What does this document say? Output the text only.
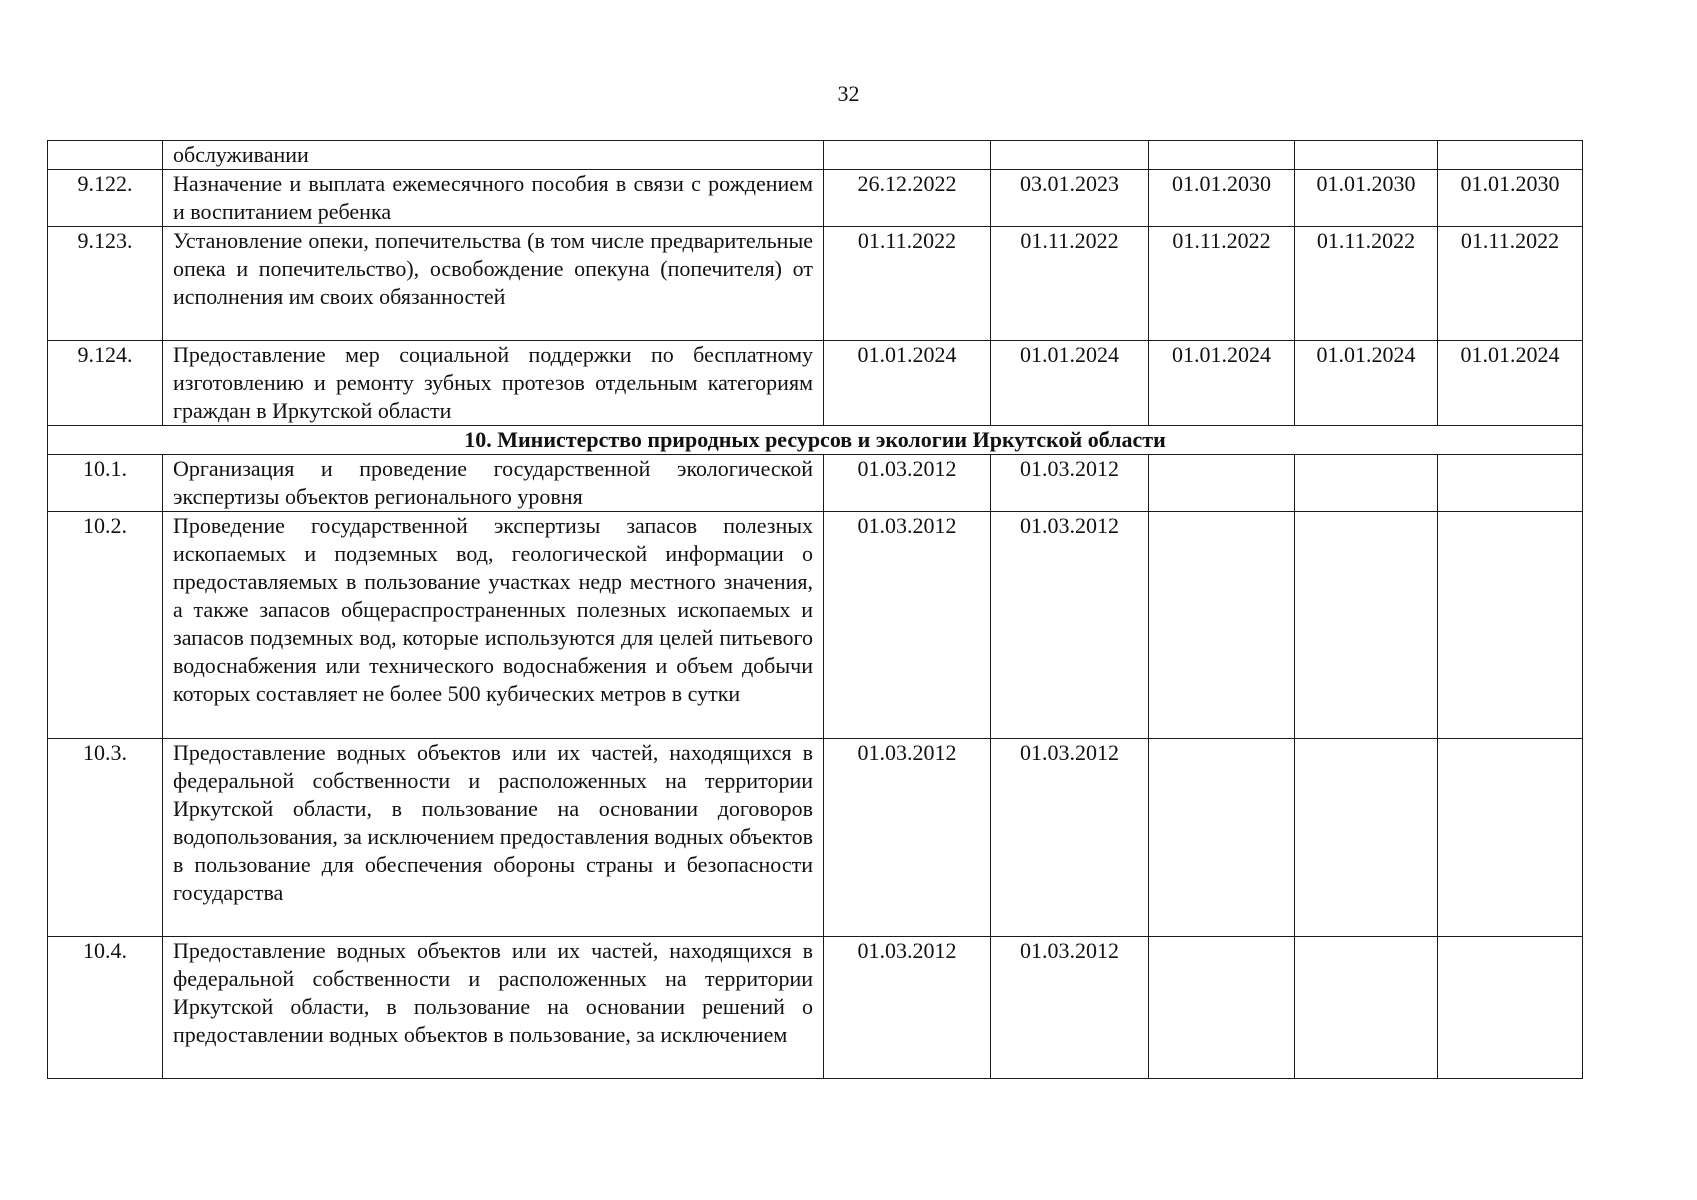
32
	обслуживании					
9.122.	Назначение и выплата ежемесячного пособия в связи с рождением и воспитанием ребенка	26.12.2022	03.01.2023	01.01.2030	01.01.2030	01.01.2030
9.123.	Установление опеки, попечительства (в том числе предварительные опека и попечительство), освобождение опекуна (попечителя) от исполнения им своих обязанностей	01.11.2022	01.11.2022	01.11.2022	01.11.2022	01.11.2022
9.124.	Предоставление мер социальной поддержки по бесплатному изготовлению и ремонту зубных протезов отдельным категориям граждан в Иркутской области	01.01.2024	01.01.2024	01.01.2024	01.01.2024	01.01.2024
10. Министерство природных ресурсов и экологии Иркутской области						
10.1.	Организация и проведение государственной экологической экспертизы объектов регионального уровня	01.03.2012	01.03.2012			
10.2.	Проведение государственной экспертизы запасов полезных ископаемых и подземных вод, геологической информации о предоставляемых в пользование участках недр местного значения, а также запасов общераспространенных полезных ископаемых и запасов подземных вод, которые используются для целей питьевого водоснабжения или технического водоснабжения и объем добычи которых составляет не более 500 кубических метров в сутки	01.03.2012	01.03.2012			
10.3.	Предоставление водных объектов или их частей, находящихся в федеральной собственности и расположенных на территории Иркутской области, в пользование на основании договоров водопользования, за исключением предоставления водных объектов в пользование для обеспечения обороны страны и безопасности государства	01.03.2012	01.03.2012			
10.4.	Предоставление водных объектов или их частей, находящихся в федеральной собственности и расположенных на территории Иркутской области, в пользование на основании решений о предоставлении водных объектов в пользование, за исключением	01.03.2012	01.03.2012			
